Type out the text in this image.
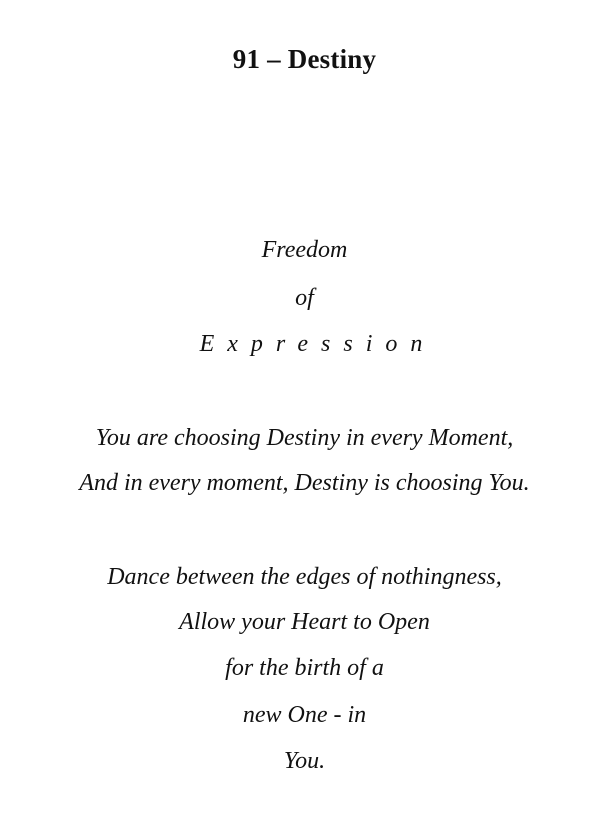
91 – Destiny
Freedom
of
Expression
You are choosing Destiny in every Moment,
And in every moment, Destiny is choosing You.
Dance between the edges of nothingness,
Allow your Heart to Open
for the birth of a
new One - in
You.
